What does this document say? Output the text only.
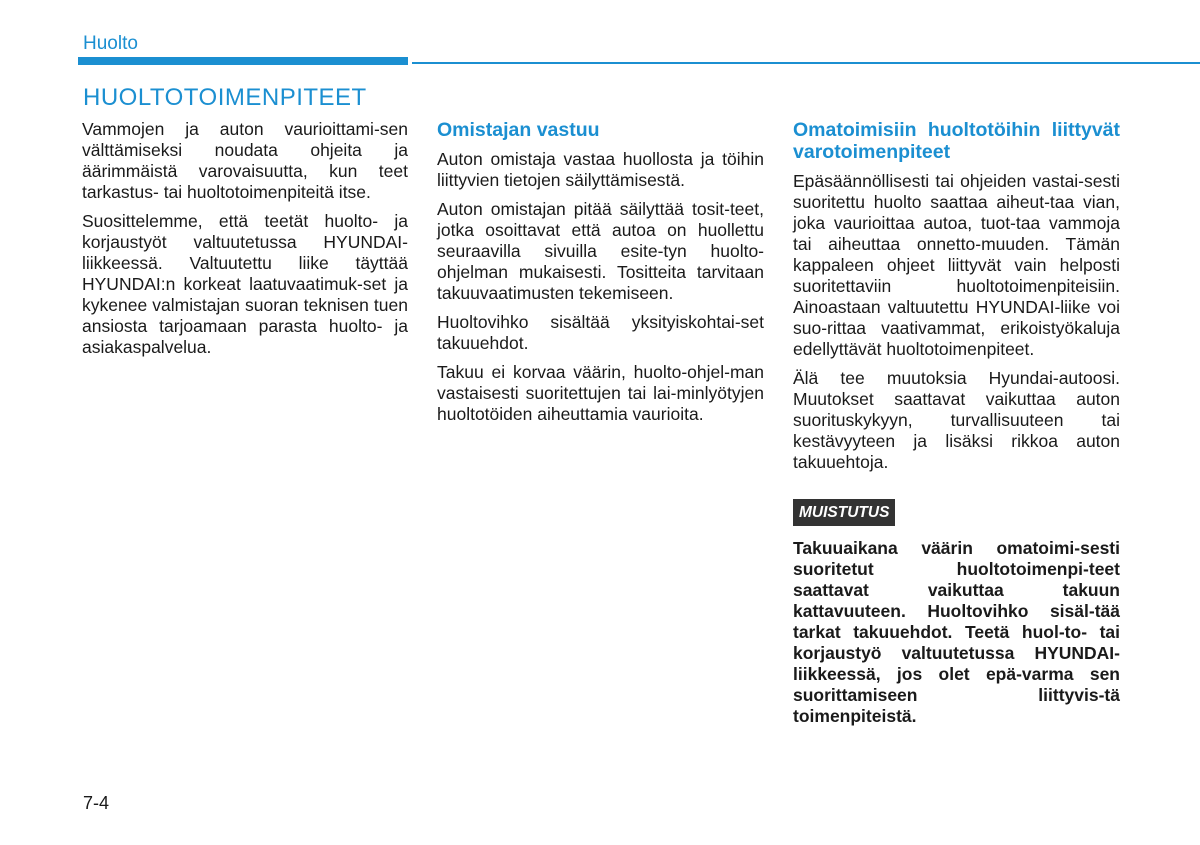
Huolto
HUOLTOTOIMENPITEET

Vammojen ja auton vaurioittami-sen välttämiseksi noudata ohjeita ja äärimmäistä varovaisuutta, kun teet tarkastus- tai huoltotoimenpiteitä itse.

Suosittelemme, että teetät huolto- ja korjaustyöt valtuutetussa HYUNDAI-liikkeessä. Valtuutettu liike täyttää HYUNDAI:n korkeat laatuvaatimuk-set ja kykenee valmistajan suoran teknisen tuen ansiosta tarjoamaan parasta huolto- ja asiakaspalvelua.

Omistajan vastuu

Auton omistaja vastaa huollosta ja töihin liittyvien tietojen säilyttämisestä.

Auton omistajan pitää säilyttää tosit-teet, jotka osoittavat että autoa on huollettu seuraavilla sivuilla esite-tyn huolto-ohjelman mukaisesti. Tositteita tarvitaan takuuvaatimusten tekemiseen.

Huoltovihko sisältää yksityiskohtai-set takuuehdot.

Takuu ei korvaa väärin, huolto-ohjel-man vastaisesti suoritettujen tai lai-minlyötyjen huoltotöiden aiheuttamia vaurioita.

Omatoimisiin huoltotöihin liittyvät varotoimenpiteet

Epäsäännöllisesti tai ohjeiden vastai-sesti suoritettu huolto saattaa aiheut-taa vian, joka vaurioittaa autoa, tuot-taa vammoja tai aiheuttaa onnetto-muuden. Tämän kappaleen ohjeet liittyvät vain helposti suoritettaviin huoltotoimenpiteisiin. Ainoastaan valtuutettu HYUNDAI-liike voi suo-rittaa vaativammat, erikoistyökaluja edellyttävät huoltotoimenpiteet.

Älä tee muutoksia Hyundai-autoosi. Muutokset saattavat vaikuttaa auton suorituskykyyn, turvallisuuteen tai kestävyyteen ja lisäksi rikkoa auton takuuehtoja.

MUISTUTUS
Takuuaikana väärin omatoimi-sesti suoritetut huoltotoimenpi-teet saattavat vaikuttaa takuun kattavuuteen. Huoltovihko sisäl-tää tarkat takuuehdot. Teetä huol-to- tai korjaustyö valtuutetussa HYUNDAI-liikkeessä, jos olet epä-varma sen suorittamiseen liittyvis-tä toimenpiteistä.
7-4
